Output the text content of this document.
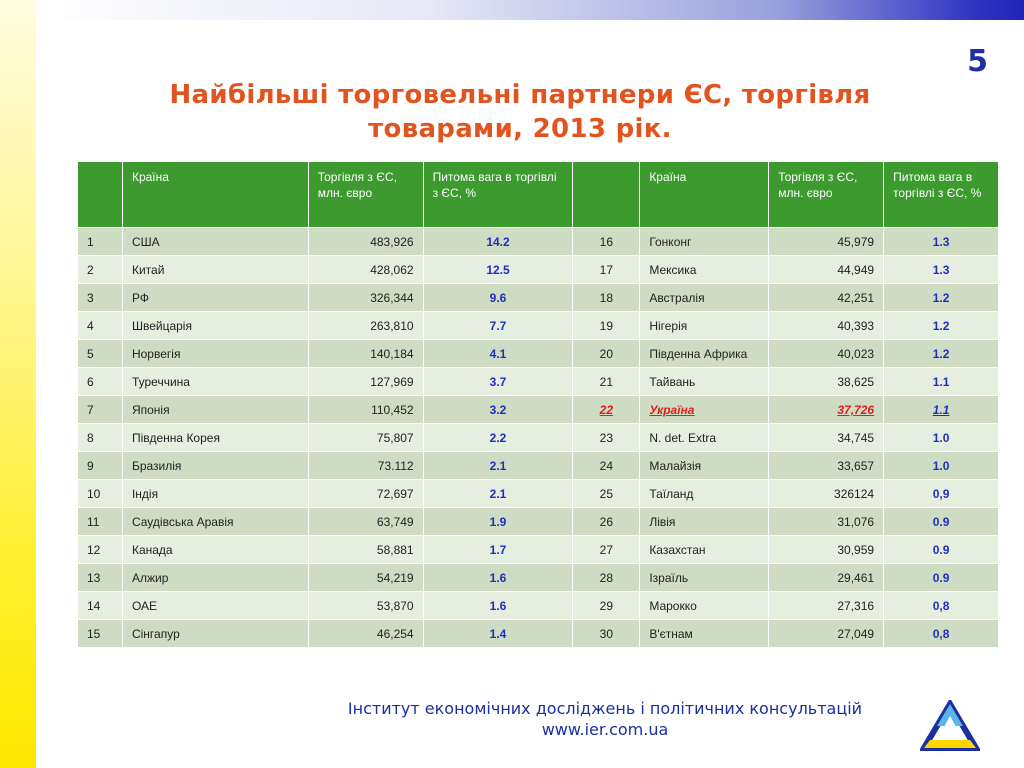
5
Найбільші торговельні партнери ЄС, торгівля
товарами, 2013 рік.
	Країна	Торгівля з ЄС, млн. євро	Питома вага в торгівлі з ЄС, %		Країна	Торгівля з ЄС, млн. євро	Питома вага в торгівлі з ЄС, %
1	США	483,926	14.2	16	Гонконг	45,979	1.3
2	Китай	428,062	12.5	17	Мексика	44,949	1.3
3	РФ	326,344	9.6	18	Австралія	42,251	1.2
4	Швейцарія	263,810	7.7	19	Нігерія	40,393	1.2
5	Норвегія	140,184	4.1	20	Південна Африка	40,023	1.2
6	Туреччина	127,969	3.7	21	Тайвань	38,625	1.1
7	Японія	110,452	3.2	22	Україна	37,726	1.1
8	Південна Корея	75,807	2.2	23	N. det. Extra	34,745	1.0
9	Бразилія	73.112	2.1	24	Малайзія	33,657	1.0
10	Індія	72,697	2.1	25	Таїланд	326124	0,9
11	Саудівська Аравія	63,749	1.9	26	Лівія	31,076	0.9
12	Канада	58,881	1.7	27	Казахстан	30,959	0.9
13	Алжир	54,219	1.6	28	Ізраїль	29,461	0.9
14	ОАЕ	53,870	1.6	29	Марокко	27,316	0,8
15	Сінгапур	46,254	1.4	30	В'єтнам	27,049	0,8
Інститут економічних досліджень і політичних консультацій
www.ier.com.ua
